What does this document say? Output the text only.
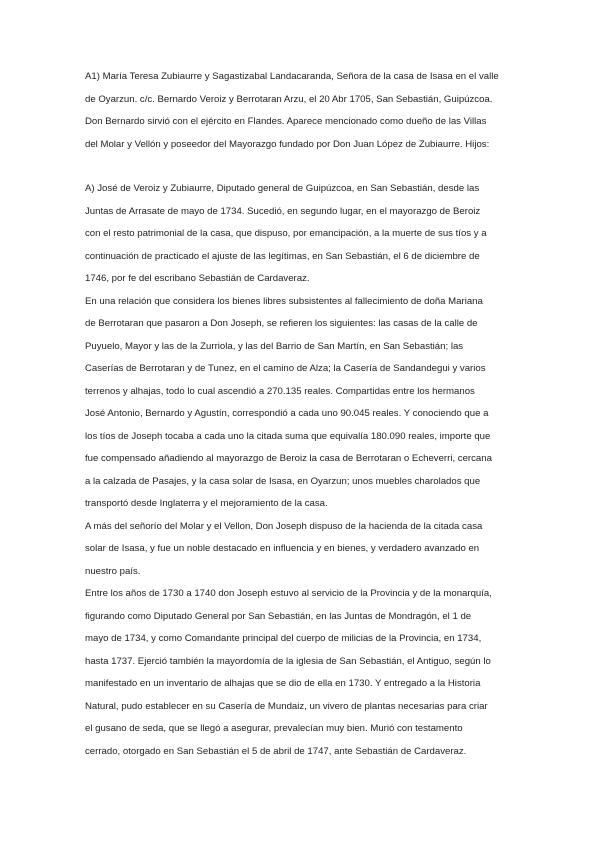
A1) María Teresa Zubiaurre y Sagastizabal Landacaranda, Señora de la casa de Isasa en el valle
de Oyarzun. c/c. Bernardo Veroiz y Berrotaran Arzu, el 20 Abr 1705, San Sebastián, Guipúzcoa.
Don Bernardo sirvió con el ejército en Flandes. Aparece mencionado como dueño de las Villas
del Molar y Vellón y poseedor del Mayorazgo fundado por Don Juan López de Zubiaurre. Hijos:
A) José de Veroiz y Zubiaurre, Diputado general de Guipúzcoa, en San Sebastián, desde las
Juntas de Arrasate de mayo de 1734. Sucedió, en segundo lugar, en el mayorazgo de Beroiz
con el resto patrimonial de la casa, que dispuso, por emancipación, a la muerte de sus tíos y a
continuación de practicado el ajuste de las legítimas, en San Sebastián, el 6 de diciembre de
1746, por fe del escribano Sebastián de Cardaveraz.
En una relación que considera los bienes libres subsistentes al fallecimiento de doña Mariana
de Berrotaran que pasaron a Don Joseph, se refieren los siguientes: las casas de la calle de
Puyuelo, Mayor y las de la Zurriola, y las del Barrio de San Martín, en San Sebastián; las
Caserías de Berrotaran y de Tunez, en el camino de Alza; la Casería de Sandandegui y varios
terrenos y alhajas, todo lo cual ascendió a 270.135 reales. Compartidas entre los hermanos
José Antonio, Bernardo y Agustín, correspondió a cada uno 90.045 reales. Y conociendo que a
los tíos de Joseph tocaba a cada uno la citada suma que equivalía 180.090 reales, importe que
fue compensado añadiendo al mayorazgo de Beroiz la casa de Berrotaran o Echeverri, cercana
a la calzada de Pasajes, y la casa solar de Isasa, en Oyarzun; unos muebles charolados que
transportó desde Inglaterra y el mejoramiento de la casa.
A más del señorío del Molar y el Vellon, Don Joseph dispuso de la hacienda de la citada casa
solar de Isasa, y fue un noble destacado en influencia y en bienes, y verdadero avanzado en
nuestro país.
Entre los años de 1730 a 1740 don Joseph estuvo al servicio de la Provincia y de la monarquía,
figurando como Diputado General por San Sebastián, en las Juntas de Mondragón, el 1 de
mayo de 1734, y como Comandante principal del cuerpo de milicias de la Provincia, en 1734,
hasta 1737. Ejerció también la mayordomía de la iglesia de San Sebastián, el Antiguo, según lo
manifestado en un inventario de alhajas que se dio de ella en 1730. Y entregado a la Historia
Natural, pudo establecer en su Casería de Mundaiz, un vivero de plantas necesarias para criar
el gusano de seda, que se llegó a asegurar, prevalecían muy bien. Murió con testamento
cerrado, otorgado en San Sebastián el 5 de abril de 1747, ante Sebastián de Cardaveraz.
